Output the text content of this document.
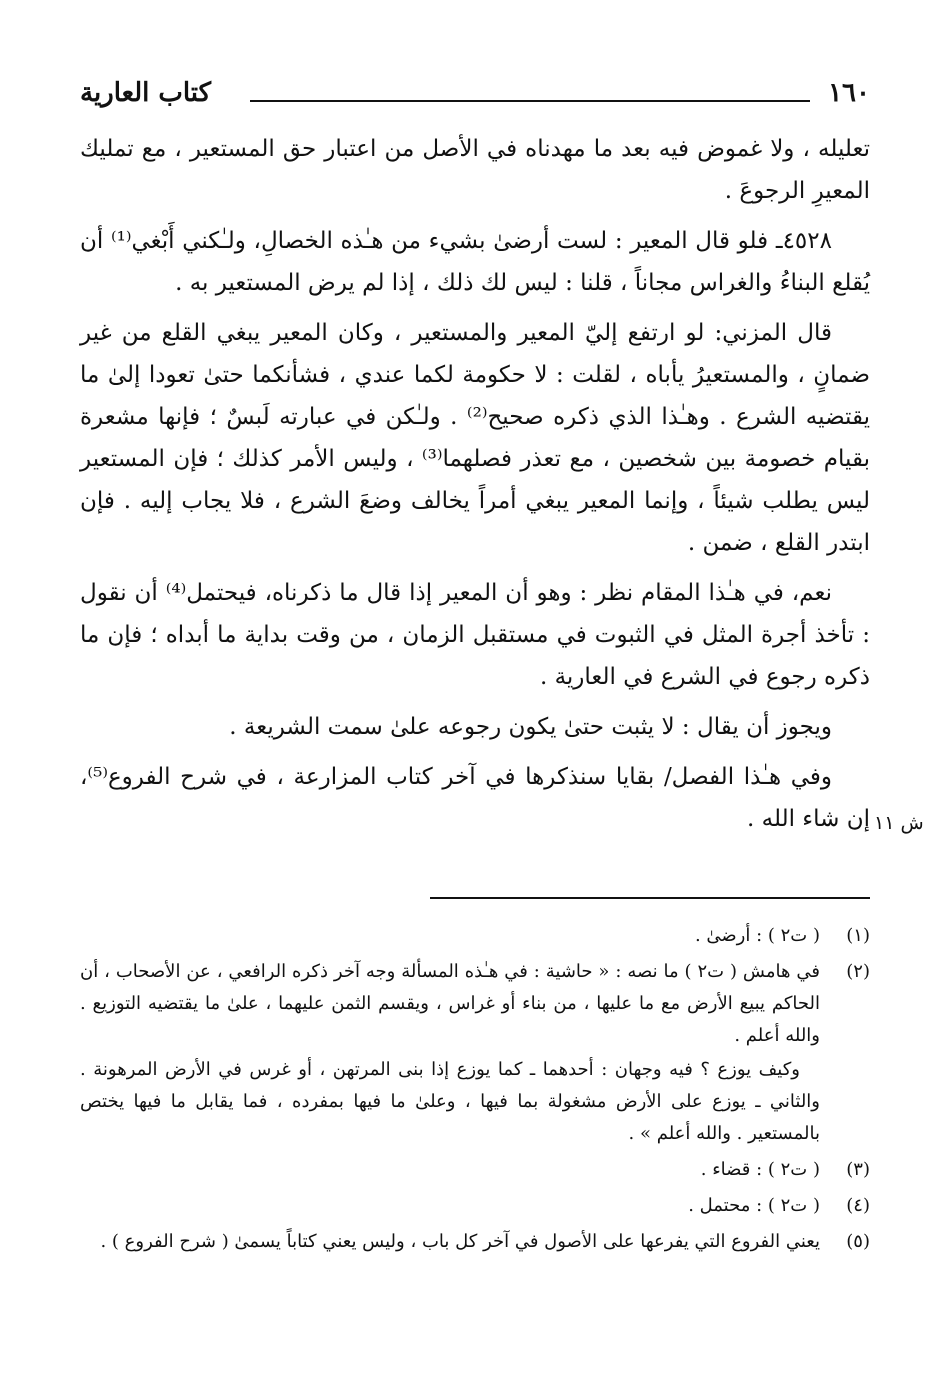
١٦٠
كتاب العارية

تعليله ، ولا غموض فيه بعد ما مهدناه في الأصل من اعتبار حق المستعير ، مع تمليك المعيرِ الرجوعَ .

٤٥٢٨ـ فلو قال المعير : لست أرضىٰ بشيء من هـٰذه الخصالِ، ولـٰكني أَبْغي⁽¹⁾ أن يُقلع البناءُ والغراس مجاناً ، قلنا : ليس لك ذلك ، إذا لم يرض المستعير به .

قال المزني: لو ارتفع إليّ المعير والمستعير ، وكان المعير يبغي القلع من غير ضمانٍ ، والمستعيرُ يأباه ، لقلت : لا حكومة لكما عندي ، فشأنكما حتىٰ تعودا إلىٰ ما يقتضيه الشرع . وهـٰذا الذي ذكره صحيح⁽²⁾ . ولـٰكن في عبارته لَبسٌ ؛ فإنها مشعرة بقيام خصومة بين شخصين ، مع تعذر فصلهما⁽³⁾ ، وليس الأمر كذلك ؛ فإن المستعير ليس يطلب شيئاً ، وإنما المعير يبغي أمراً يخالف وضعَ الشرع ، فلا يجاب إليه . فإن ابتدر القلع ، ضمن .

نعم، في هـٰذا المقام نظر : وهو أن المعير إذا قال ما ذكرناه، فيحتمل⁽⁴⁾ أن نقول : تأخذ أجرة المثل في الثبوت في مستقبل الزمان ، من وقت بداية ما أبداه ؛ فإن ما ذكره رجوع في الشرع في العارية .

ويجوز أن يقال : لا يثبت حتىٰ يكون رجوعه علىٰ سمت الشريعة .

وفي هـٰذا الفصل/ بقايا سنذكرها في آخر كتاب المزارعة ، في شرح الفروع⁽⁵⁾، إن شاء الله . ش ١١
(١)
( ت٢ ) : أرضىٰ .
(٢)
في هامش ( ت٢ ) ما نصه : « حاشية : في هـٰذه المسألة وجه آخر ذكره الرافعي ، عن الأصحاب ، أن الحاكم يبيع الأرض مع ما عليها ، من بناء أو غراس ، ويقسم الثمن عليهما ، علىٰ ما يقتضيه التوزيع . والله أعلم .
وكيف يوزع ؟ فيه وجهان : أحدهما ـ كما يوزع إذا بنى المرتهن ، أو غرس في الأرض المرهونة . والثاني ـ يوزع على الأرض مشغولة بما فيها ، وعلىٰ ما فيها بمفرده ، فما يقابل ما فيها يختص بالمستعير . والله أعلم » .
(٣)
( ت٢ ) : قضاء .
(٤)
( ت٢ ) : محتمل .
(٥)
يعني الفروع التي يفرعها على الأصول في آخر كل باب ، وليس يعني كتاباً يسمىٰ ( شرح الفروع ) .
